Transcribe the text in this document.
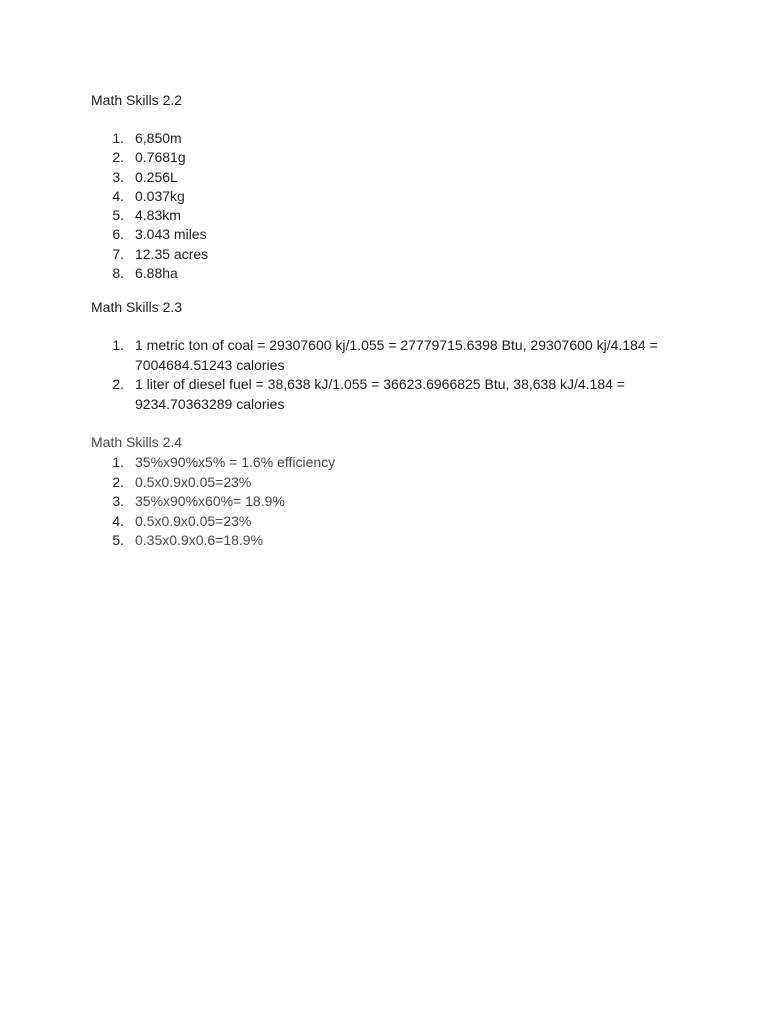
Math Skills 2.2
1. 6,850m
2. 0.7681g
3. 0.256L
4. 0.037kg
5. 4.83km
6. 3.043 miles
7. 12.35 acres
8. 6.88ha
Math Skills 2.3
1. 1 metric ton of coal = 29307600 kj/1.055 = 27779715.6398 Btu, 29307600 kj/4.184 = 7004684.51243 calories
2. 1 liter of diesel fuel = 38,638 kJ/1.055 = 36623.6966825 Btu, 38,638 kJ/4.184 = 9234.70363289 calories
Math Skills 2.4
1. 35%x90%x5% = 1.6% efficiency
2. 0.5x0.9x0.05=23%
3. 35%x90%x60%= 18.9%
4. 0.5x0.9x0.05=23%
5. 0.35x0.9x0.6=18.9%
